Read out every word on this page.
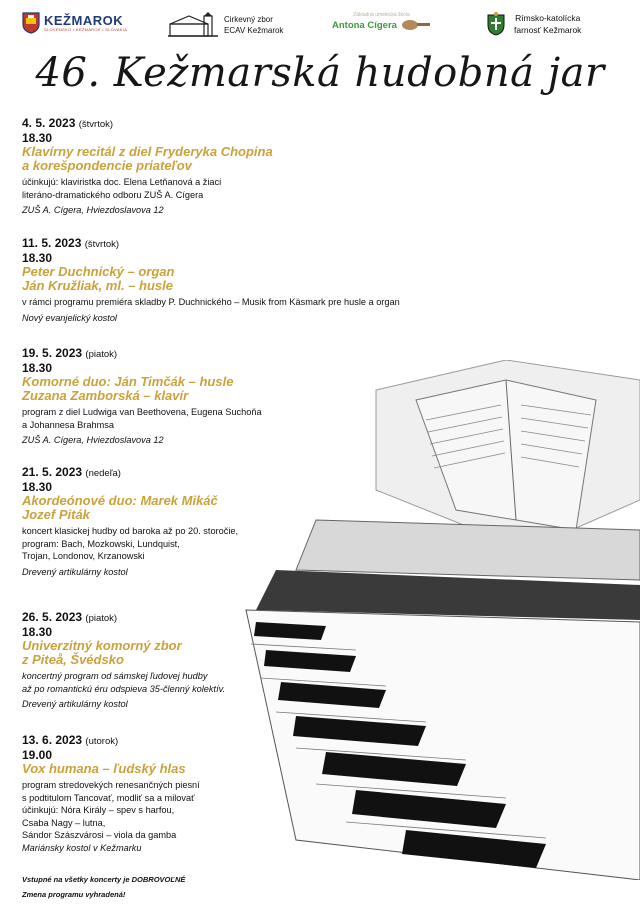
KEŽMAROK
SLOVENSKO • KEŽMAROK • SLOVAKIA
Cirkevný zbor
ECAV Kežmarok
Základná umelecká škola
Antona Cígera
Rímsko-katolícka
farnosť Kežmarok
46. Kežmarská hudobná jar
4. 5. 2023 (štvrtok)
18.30
Klavírny recitál z diel Fryderyka Chopina
a korešpondencie priateľov
účinkujú: klaviristka doc. Elena Letňanová a žiaci
literáno-dramatického odboru ZUŠ A. Cígera
ZUŠ A. Cígera, Hviezdoslavova 12
11. 5. 2023 (štvrtok)
18.30
Peter Duchnický – organ
Ján Kružliak, ml. – husle
v rámci programu premiéra skladby P. Duchnického – Musik from Käsmark pre husle a organ
Nový evanjelický kostol
19. 5. 2023 (piatok)
18.30
Komorné duo: Ján Timčák – husle
Zuzana Zamborská – klavír
program z diel Ludwiga van Beethovena, Eugena Suchoňa
a Johannesa Brahmsa
ZUŠ A. Cígera, Hviezdoslavova 12
21. 5. 2023 (nedeľa)
18.30
Akordeónové duo: Marek Mikáč
Jozef Piták
koncert klasickej hudby od baroka až po 20. storočie,
program: Bach, Mozkowski, Lundquist,
Trojan, Londonov, Krzanowski
Drevený artikulárny kostol
26. 5. 2023 (piatok)
18.30
Univerzitný komorný zbor
z Piteå, Švédsko
koncertný program od sámskej ľudovej hudby
až po romantickú éru odspieva 35-členný kolektív.
Drevený artikulárny kostol
13. 6. 2023 (utorok)
19.00
Vox humana – ľudský hlas
program stredovekých renesančných piesní
s podtitulom Tancovať, modliť sa a milovať
účinkujú: Nóra Király – spev s harfou,
Csaba Nagy – lutna,
Sándor Szászvárosi – viola da gamba
Mariánsky kostol v Kežmarku
Vstupné na všetky koncerty je DOBROVOĽNÉ
Zmena programu vyhradená!
